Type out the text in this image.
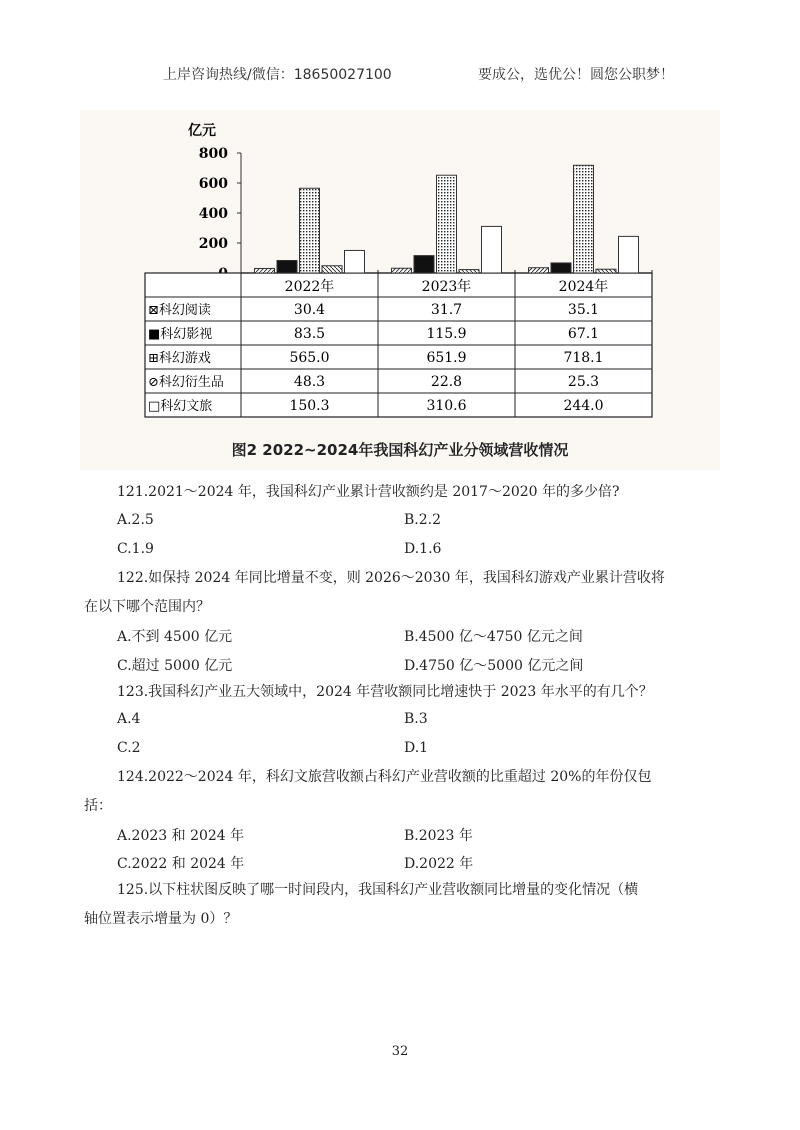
上岸咨询热线/微信：18650027100	要成公，选优公！圆您公职梦！
亿元
200
400
600
800
2022年	2023年	2024年
⊠科幻阅读	30.4	31.7	35.1
■科幻影视	83.5	115.9	67.1
⊞科幻游戏	565.0	651.9	718.1
⊘科幻衍生品	48.3	22.8	25.3
□科幻文旅	150.3	310.6	244.0
图2 2022~2024年我国科幻产业分领域营收情况
121.2021～2024 年，我国科幻产业累计营收额约是 2017～2020 年的多少倍?
A.2.5	B.2.2
C.1.9	D.1.6
122.如保持 2024 年同比增量不变，则 2026～2030 年，我国科幻游戏产业累计营收将
在以下哪个范围内？
A.不到 4500 亿元	B.4500 亿～4750 亿元之间
C.超过 5000 亿元	D.4750 亿～5000 亿元之间
123.我国科幻产业五大领域中，2024 年营收额同比增速快于 2023 年水平的有几个？
A.4	B.3
C.2	D.1
124.2022～2024 年，科幻文旅营收额占科幻产业营收额的比重超过 20%的年份仅包
括：
A.2023 和 2024 年	B.2023 年
C.2022 和 2024 年	D.2022 年
125.以下柱状图反映了哪一时间段内，我国科幻产业营收额同比增量的变化情况（横
轴位置表示增量为 0）？
32
